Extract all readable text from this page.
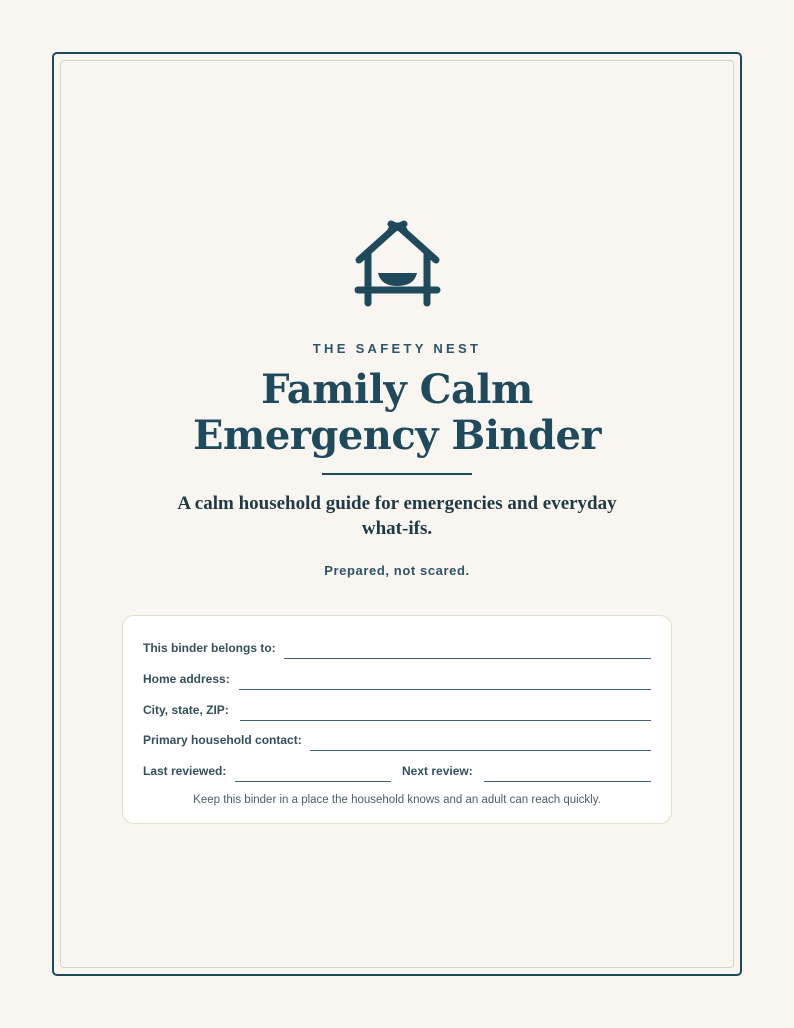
THE SAFETY NEST
Family Calm
Emergency Binder
A calm household guide for emergencies and everyday
what-ifs.
Prepared, not scared.
This binder belongs to:
Home address:
City, state, ZIP:
Primary household contact:
Last reviewed:	Next review:
Keep this binder in a place the household knows and an adult can reach quickly.
